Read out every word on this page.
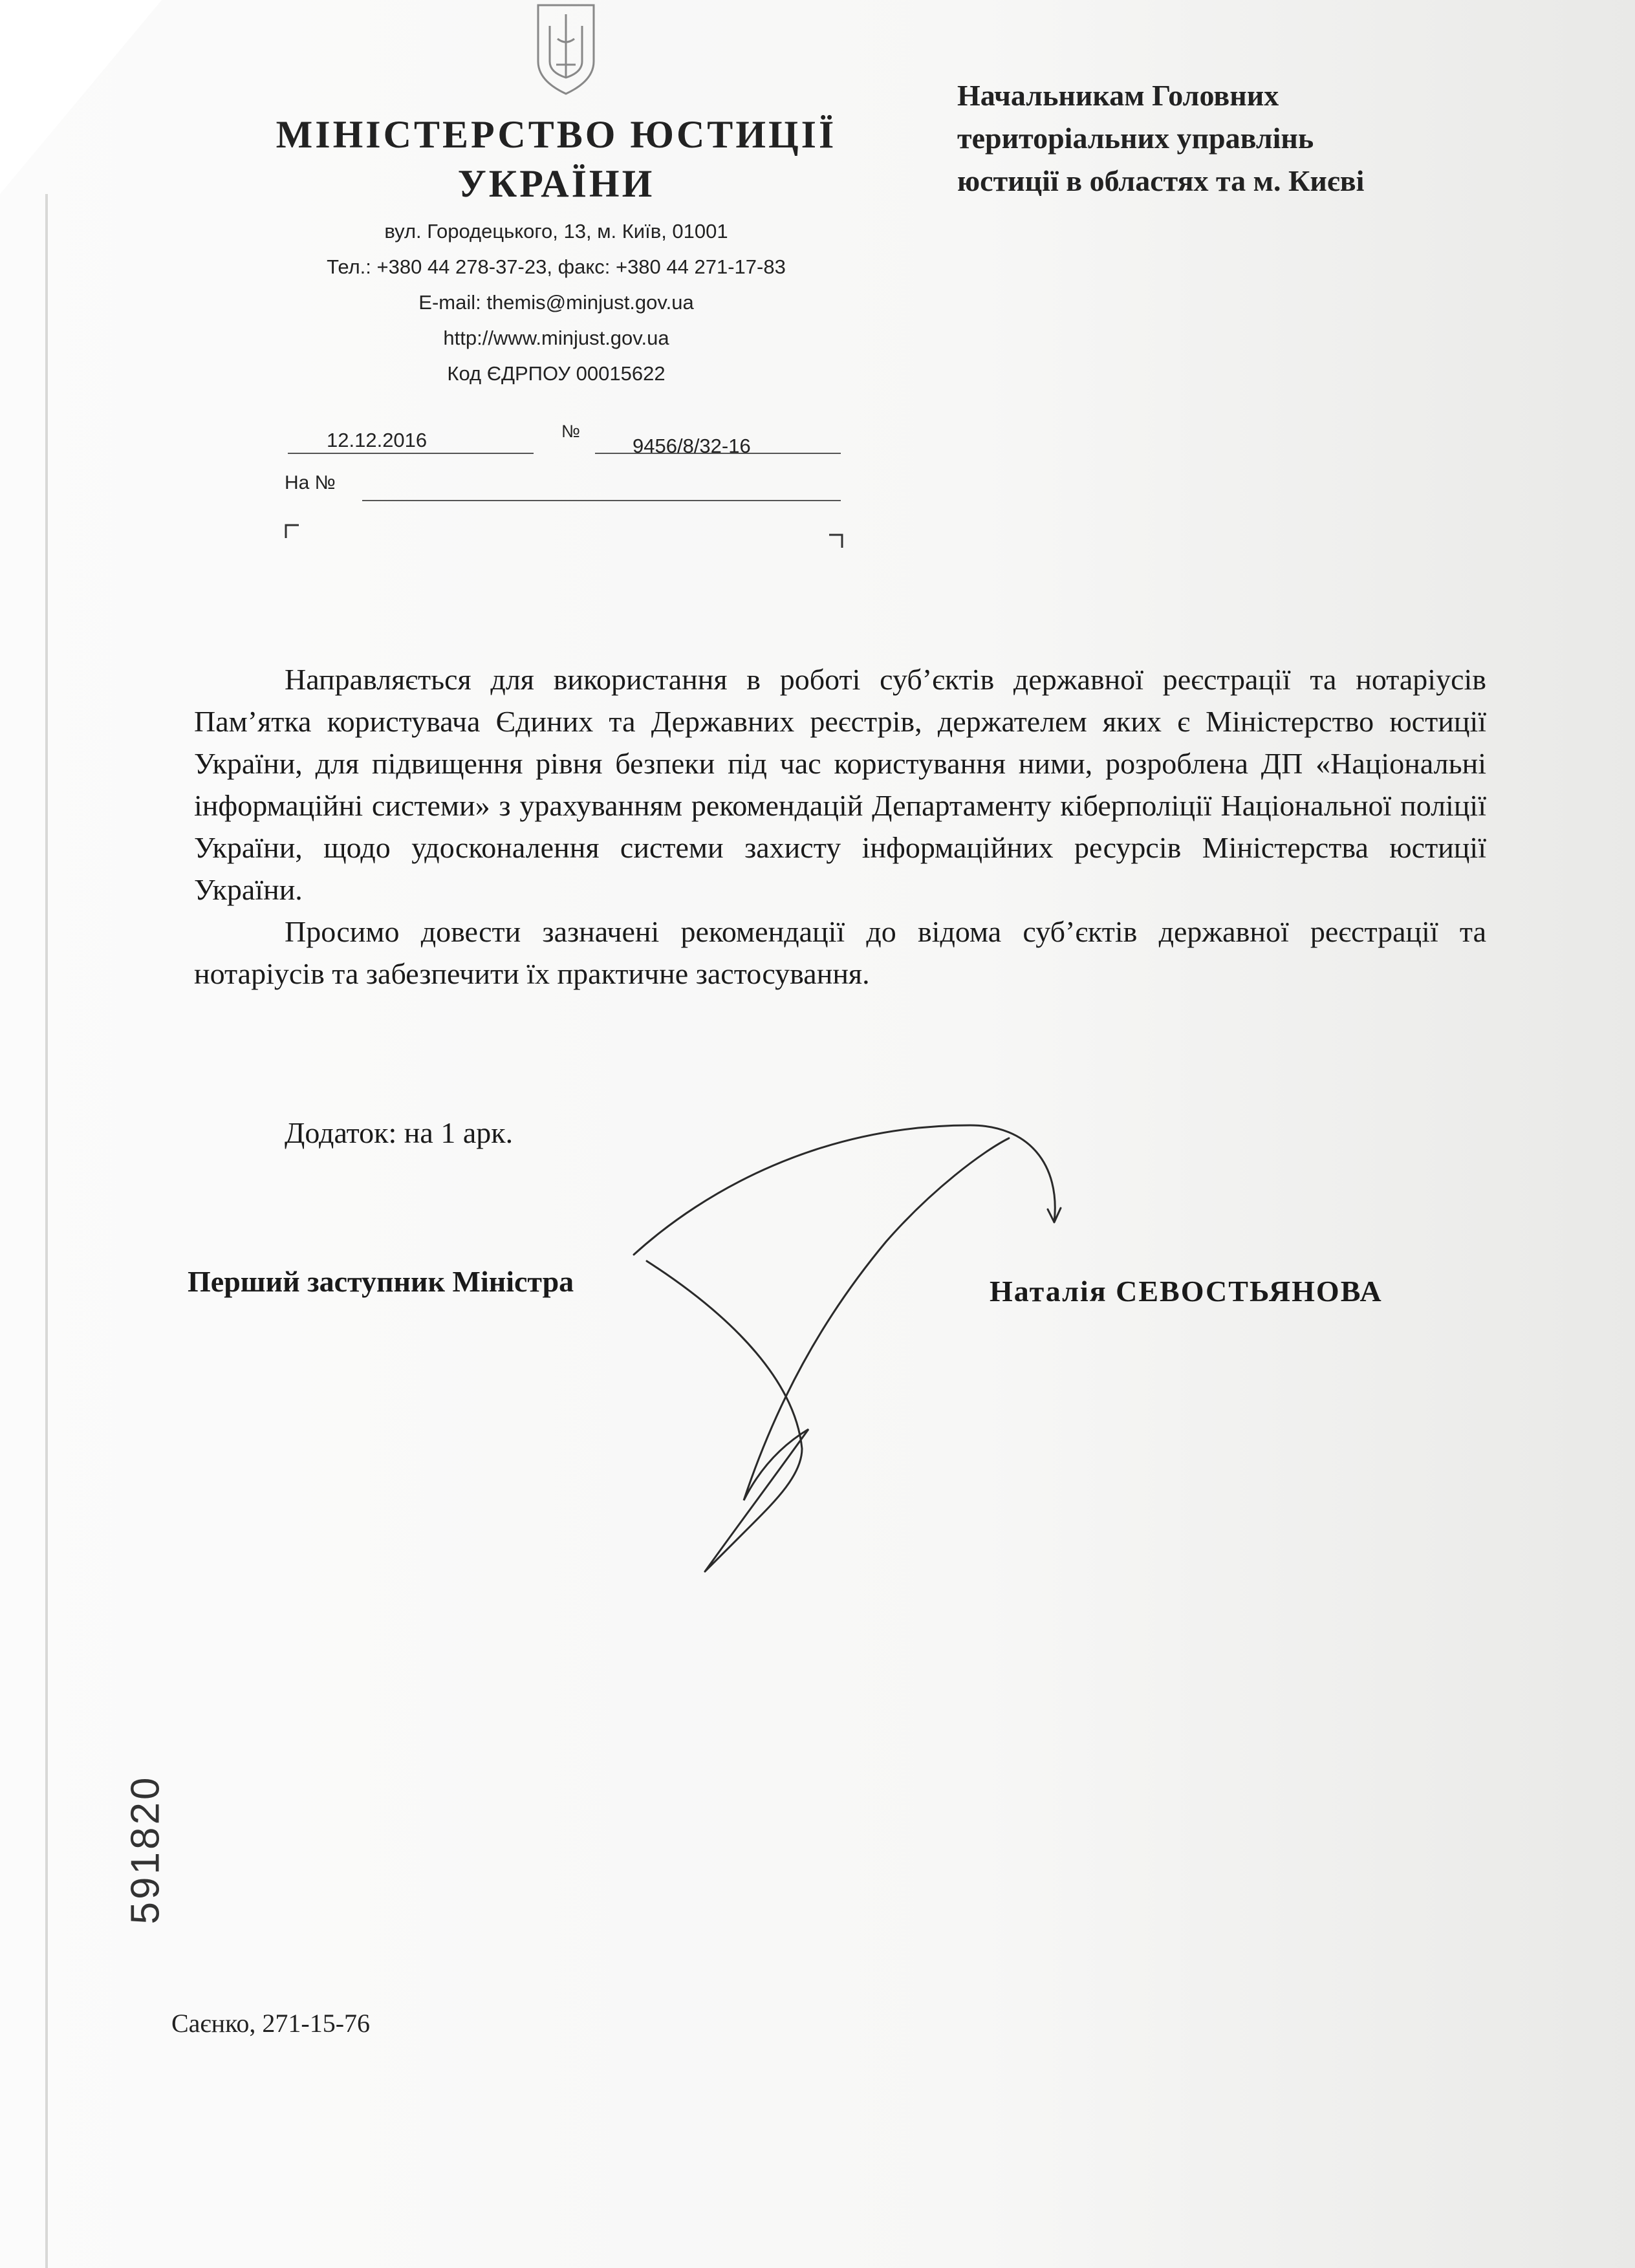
МІНІСТЕРСТВО ЮСТИЦІЇ
УКРАЇНИ
вул. Городецького, 13, м. Київ, 01001
Тел.: +380 44 278-37-23, факс: +380 44 271-17-83
E-mail: themis@minjust.gov.ua
http://www.minjust.gov.ua
Код ЄДРПОУ 00015622
12.12.2016	№
9456/8/32-16
На №
Начальникам Головних
територіальних управлінь
юстиції в областях та м. Києві

Направляється для використання в роботі суб’єктів державної реєстрації та нотаріусів Пам’ятка користувача Єдиних та Державних реєстрів, держателем яких є Міністерство юстиції України, для підвищення рівня безпеки під час користування ними, розроблена ДП «Національні інформаційні системи» з урахуванням рекомендацій Департаменту кіберполіції Національної поліції України, щодо удосконалення системи захисту інформаційних ресурсів Міністерства юстиції України.

Просимо довести зазначені рекомендації до відома суб’єктів державної реєстрації та нотаріусів та забезпечити їх практичне застосування.

Додаток: на 1 арк.
Перший заступник Міністра	Наталія СЕВОСТЬЯНОВА
591820
Саєнко, 271-15-76
